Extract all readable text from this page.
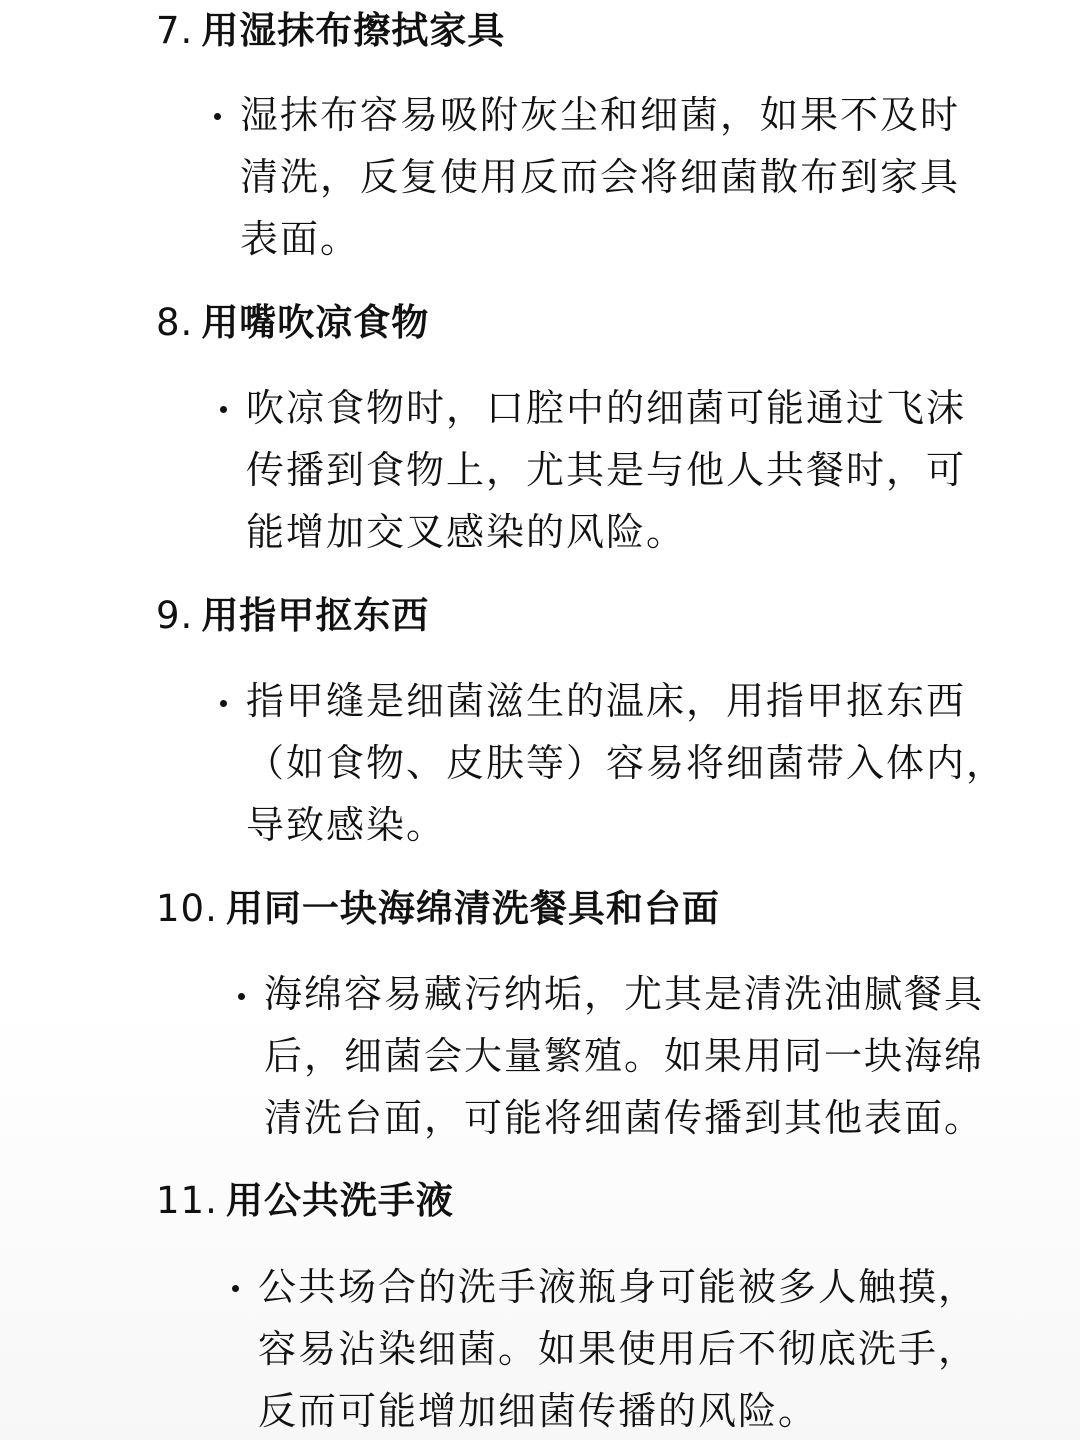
7. 用湿抹布擦拭家具
湿抹布容易吸附灰尘和细菌，如果不及时
清洗，反复使用反而会将细菌散布到家具
表面。
8. 用嘴吹凉食物
吹凉食物时，口腔中的细菌可能通过飞沫
传播到食物上，尤其是与他人共餐时，可
能增加交叉感染的风险。
9. 用指甲抠东西
指甲缝是细菌滋生的温床，用指甲抠东西
（如食物、皮肤等）容易将细菌带入体内，
导致感染。
10. 用同一块海绵清洗餐具和台面
海绵容易藏污纳垢，尤其是清洗油腻餐具
后，细菌会大量繁殖。如果用同一块海绵
清洗台面，可能将细菌传播到其他表面。
11. 用公共洗手液
公共场合的洗手液瓶身可能被多人触摸，
容易沾染细菌。如果使用后不彻底洗手，
反而可能增加细菌传播的风险。
